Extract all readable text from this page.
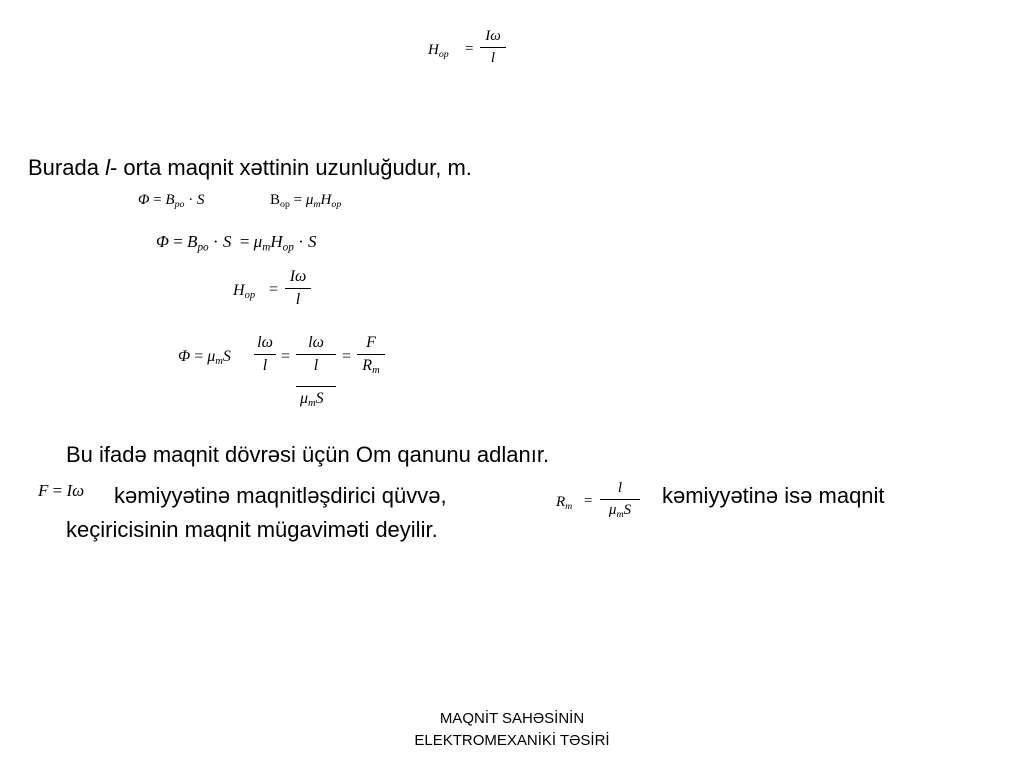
$H_{op}$ =
Iω
l
Burada l- orta maqnit xəttinin uzunluğudur, m.
$\Phi = B_{po} \cdot S$	$B_{op} = \mu_mH_{op}$
$\Phi = B_{po} \cdot S = \mu_mH_{op} \cdot S$
$H_{op}$ =
Iω
l
$\Phi = \mu_mS$
lω
l
=
lω
l
$\mu_mS$
=
F
$R_m$
Bu ifadə maqnit dövrəsi üçün Om qanunu adlanır.
F = Iω kəmiyyətinə maqnitləşdirici qüvvə,	$R_m$ =
l
$\mu_mS$
kəmiyyətinə isə maqnit
keçiricisinin maqnit mügaviməti deyilir.
MAQNİT SAHƏSİNİN
ELEKTROMEXANİKİ TƏSİRİ
